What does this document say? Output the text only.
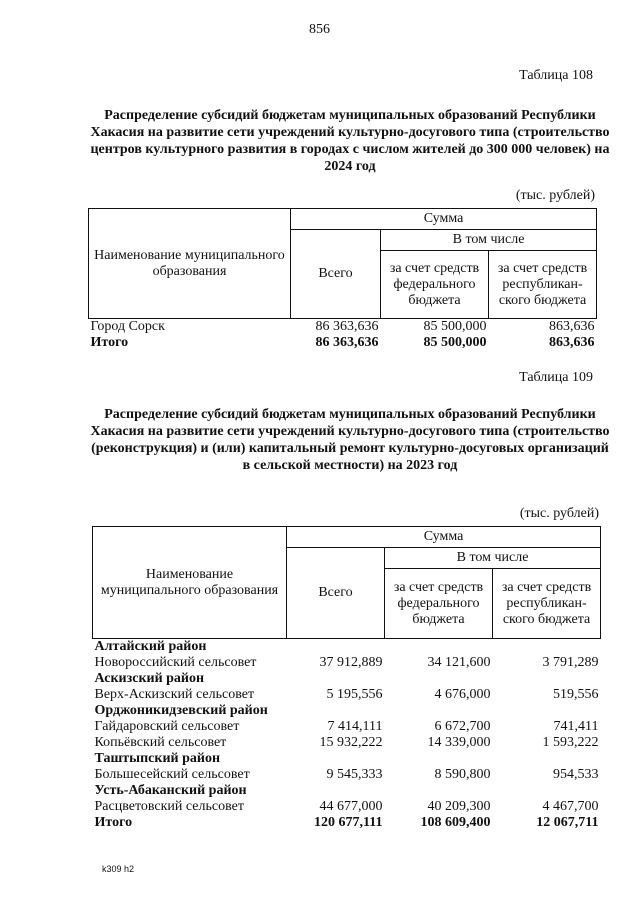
856
Таблица 108

Распределение субсидий бюджетам муниципальных образований Республики Хакасия на развитие сети учреждений культурно-досугового типа (строительство центров культурного развития в городах с числом жителей до 300 000 человек) на 2024 год

(тыс. рублей)
Наименование муниципального образования	Сумма		
	Всего	В том числе	
		за счет средств федерального бюджета	за счет средств республикан-ского бюджета
Город Сорск	86 363,636	85 500,000	863,636
Итого	86 363,636	85 500,000	863,636
Таблица 109

Распределение субсидий бюджетам муниципальных образований Республики Хакасия на развитие сети учреждений культурно-досугового типа (строительство (реконструкция) и (или) капитальный ремонт культурно-досуговых организаций в сельской местности) на 2023 год

(тыс. рублей)
Наименование муниципального образования	Сумма		
	Всего	В том числе	
		за счет средств федерального бюджета	за счет средств республикан-ского бюджета
Алтайский район			
Новороссийский сельсовет	37 912,889	34 121,600	3 791,289
Аскизский район			
Верх-Аскизский сельсовет	5 195,556	4 676,000	519,556
Орджоникидзевский район			
Гайдаровский сельсовет	7 414,111	6 672,700	741,411
Копьёвский сельсовет	15 932,222	14 339,000	1 593,222
Таштыпский район			
Большесейский сельсовет	9 545,333	8 590,800	954,533
Усть-Абаканский район			
Расцветовский сельсовет	44 677,000	40 209,300	4 467,700
Итого	120 677,111	108 609,400	12 067,711
k309 h2
